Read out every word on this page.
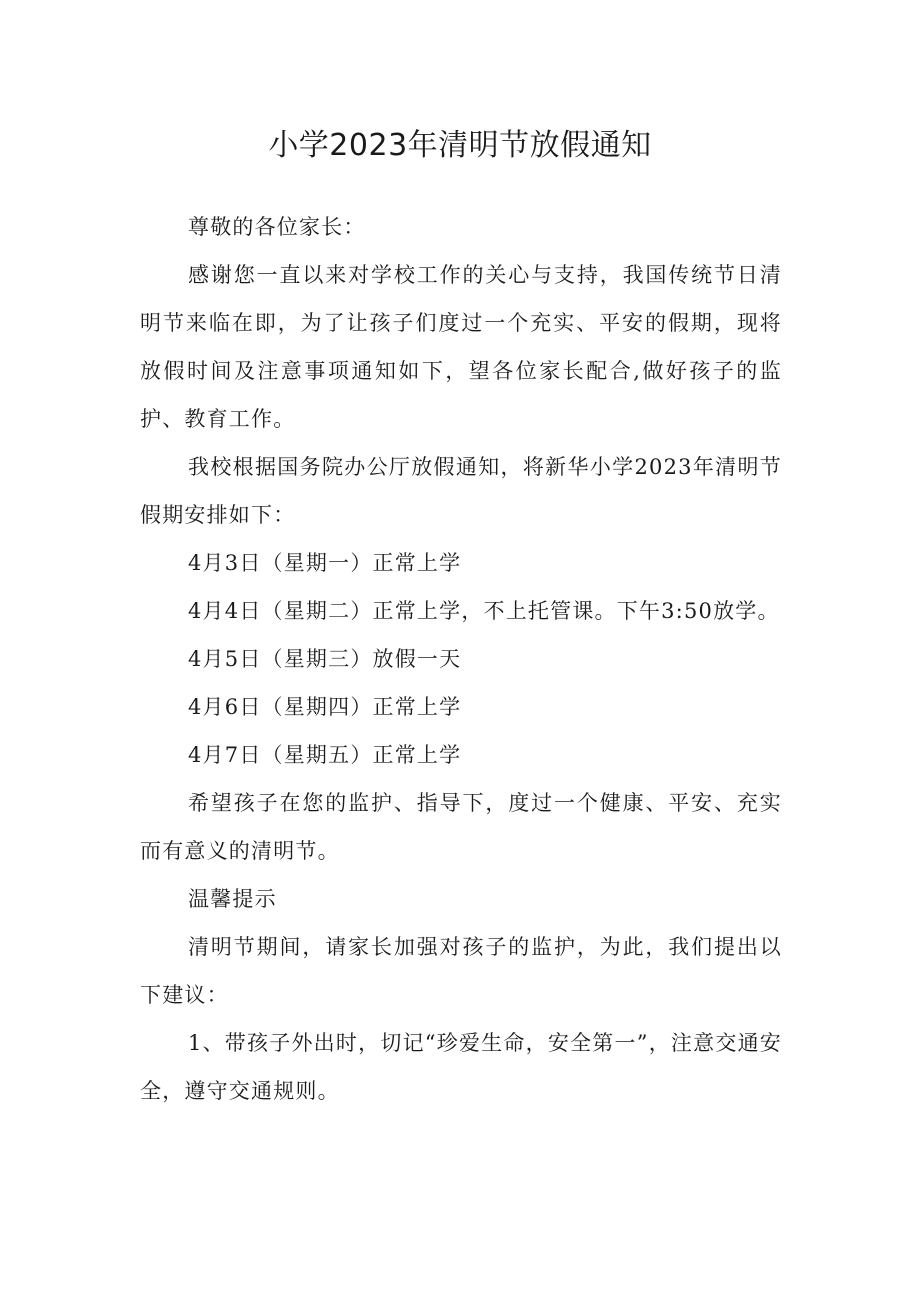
小学2023年清明节放假通知

尊敬的各位家长：

感谢您一直以来对学校工作的关心与支持，我国传统节日清明节来临在即，为了让孩子们度过一个充实、平安的假期，现将放假时间及注意事项通知如下，望各位家长配合,做好孩子的监护、教育工作。

我校根据国务院办公厅放假通知，将新华小学2023年清明节假期安排如下：

4月3日（星期一）正常上学

4月4日（星期二）正常上学，不上托管课。下午3:50放学。

4月5日（星期三）放假一天

4月6日（星期四）正常上学

4月7日（星期五）正常上学

希望孩子在您的监护、指导下，度过一个健康、平安、充实而有意义的清明节。

温馨提示

清明节期间，请家长加强对孩子的监护，为此，我们提出以下建议：

1、带孩子外出时，切记“珍爱生命，安全第一”，注意交通安全，遵守交通规则。
